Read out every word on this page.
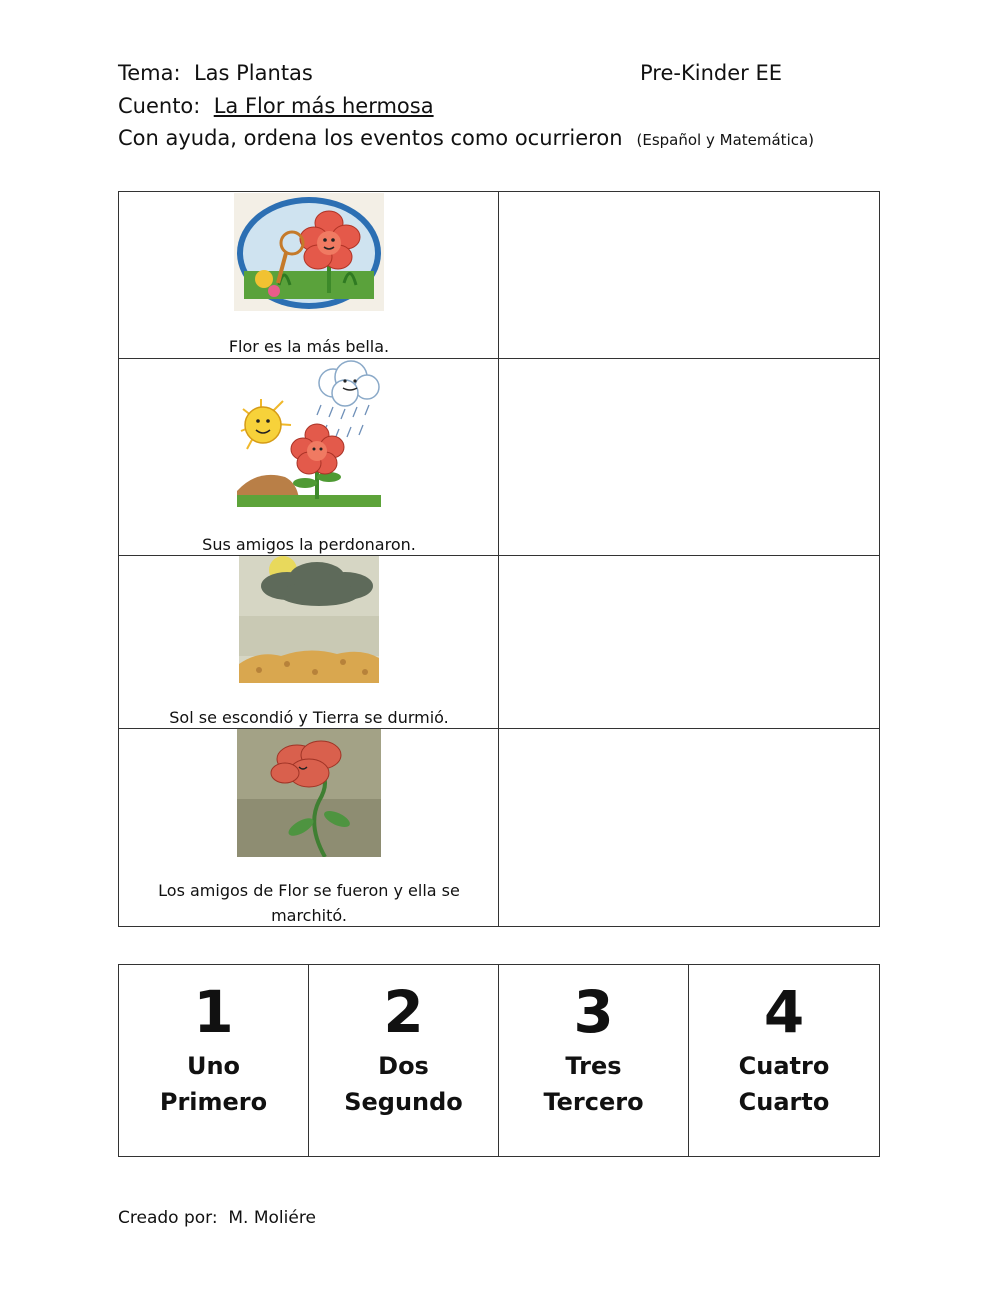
Tema: Las Plantas	Pre-Kinder EE
Cuento: La Flor más hermosa
Con ayuda, ordena los eventos como ocurrieron (Español y Matemática)
Flor es la más bella.
Sus amigos la perdonaron.
Sol se escondió y Tierra se durmió.
Los amigos de Flor se fueron y ella se marchitó.
1
Uno
Primero
2
Dos
Segundo
3
Tres
Tercero
4
Cuatro
Cuarto
Creado por: M. Moliére
